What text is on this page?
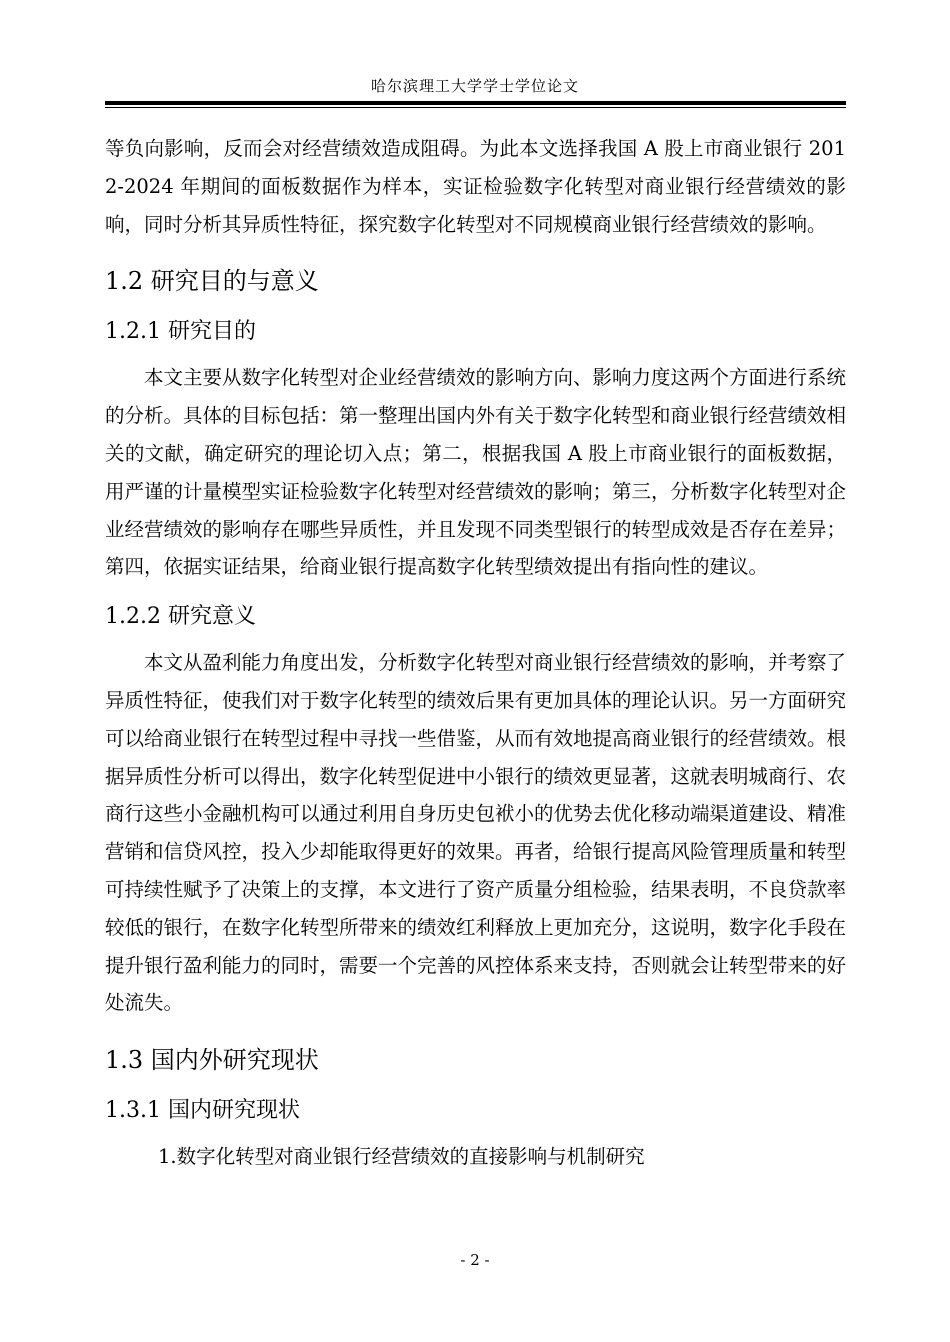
哈尔滨理工大学学士学位论文

等负向影响，反而会对经营绩效造成阻碍。为此本文选择我国 A 股上市商业银行 2012-2024 年期间的面板数据作为样本，实证检验数字化转型对商业银行经营绩效的影响，同时分析其异质性特征，探究数字化转型对不同规模商业银行经营绩效的影响。

1.2 研究目的与意义
1.2.1 研究目的

本文主要从数字化转型对企业经营绩效的影响方向、影响力度这两个方面进行系统的分析。具体的目标包括：第一整理出国内外有关于数字化转型和商业银行经营绩效相关的文献，确定研究的理论切入点；第二，根据我国 A 股上市商业银行的面板数据，用严谨的计量模型实证检验数字化转型对经营绩效的影响；第三，分析数字化转型对企业经营绩效的影响存在哪些异质性，并且发现不同类型银行的转型成效是否存在差异；第四，依据实证结果，给商业银行提高数字化转型绩效提出有指向性的建议。

1.2.2 研究意义

本文从盈利能力角度出发，分析数字化转型对商业银行经营绩效的影响，并考察了异质性特征，使我们对于数字化转型的绩效后果有更加具体的理论认识。另一方面研究可以给商业银行在转型过程中寻找一些借鉴，从而有效地提高商业银行的经营绩效。根据异质性分析可以得出，数字化转型促进中小银行的绩效更显著，这就表明城商行、农商行这些小金融机构可以通过利用自身历史包袱小的优势去优化移动端渠道建设、精准营销和信贷风控，投入少却能取得更好的效果。再者，给银行提高风险管理质量和转型可持续性赋予了决策上的支撑，本文进行了资产质量分组检验，结果表明，不良贷款率较低的银行，在数字化转型所带来的绩效红利释放上更加充分，这说明，数字化手段在提升银行盈利能力的同时，需要一个完善的风控体系来支持，否则就会让转型带来的好处流失。

1.3 国内外研究现状
1.3.1 国内研究现状

1.数字化转型对商业银行经营绩效的直接影响与机制研究

- 2 -
